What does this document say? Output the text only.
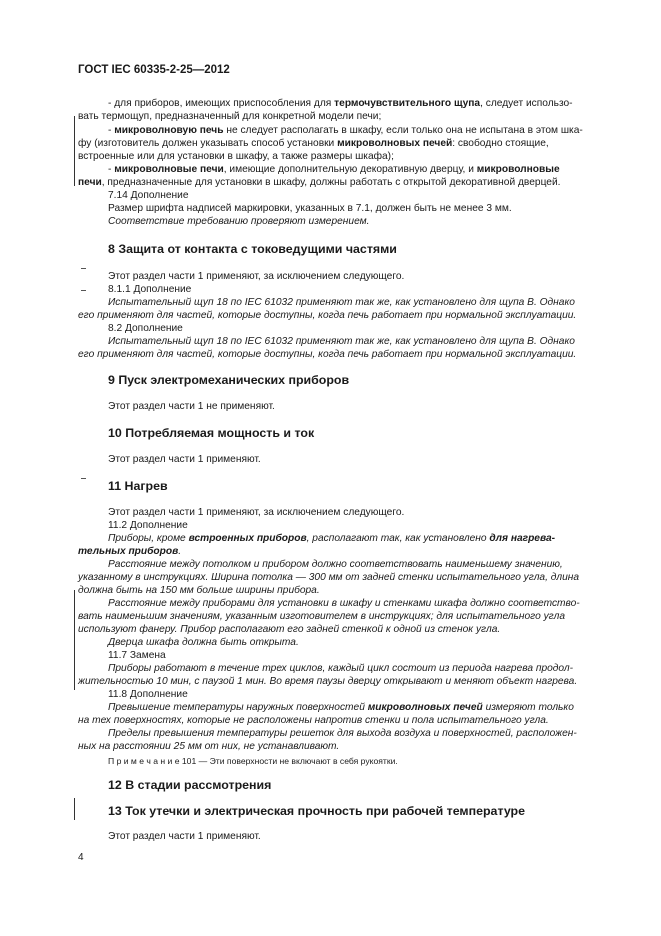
ГОСТ IEC 60335-2-25—2012
- для приборов, имеющих приспособления для термочувствительного щупа, следует использо-
вать термощуп, предназначенный для конкретной модели печи;
- микроволновую печь не следует располагать в шкафу, если только она не испытана в этом шка-
фу (изготовитель должен указывать способ установки микроволновых печей: свободно стоящие,
встроенные или для установки в шкафу, а также размеры шкафа);
- микроволновые печи, имеющие дополнительную декоративную дверцу, и микроволновые
печи, предназначенные для установки в шкафу, должны работать с открытой декоративной дверцей.
7.14 Дополнение
Размер шрифта надписей маркировки, указанных в 7.1, должен быть не менее 3 мм.
Соответствие требованию проверяют измерением.
8 Защита от контакта с токоведущими частями
Этот раздел части 1 применяют, за исключением следующего.
8.1.1 Дополнение
Испытательный щуп 18 по IEC 61032 применяют так же, как установлено для щупа В. Однако
его применяют для частей, которые доступны, когда печь работает при нормальной эксплуатации.
8.2 Дополнение
Испытательный щуп 18 по IEC 61032 применяют так же, как установлено для щупа В. Однако
его применяют для частей, которые доступны, когда печь работает при нормальной эксплуатации.
9 Пуск электромеханических приборов
Этот раздел части 1 не применяют.
10 Потребляемая мощность и ток
Этот раздел части 1 применяют.
11 Нагрев
Этот раздел части 1 применяют, за исключением следующего.
11.2 Дополнение
Приборы, кроме встроенных приборов, располагают так, как установлено для нагрева-
тельных приборов.
Расстояние между потолком и прибором должно соответствовать наименьшему значению,
указанному в инструкциях. Ширина потолка — 300 мм от задней стенки испытательного угла, длина
должна быть на 150 мм больше ширины прибора.
Расстояние между приборами для установки в шкафу и стенками шкафа должно соответство-
вать наименьшим значениям, указанным изготовителем в инструкциях; для испытательного угла
используют фанеру. Прибор располагают его задней стенкой к одной из стенок угла.
Дверца шкафа должна быть открыта.
11.7 Замена
Приборы работают в течение трех циклов, каждый цикл состоит из периода нагрева продол-
жительностью 10 мин, с паузой 1 мин. Во время паузы дверцу открывают и меняют объект нагрева.
11.8 Дополнение
Превышение температуры наружных поверхностей микроволновых печей измеряют только
на тех поверхностях, которые не расположены напротив стенки и пола испытательного угла.
Пределы превышения температуры решеток для выхода воздуха и поверхностей, расположен-
ных на расстоянии 25 мм от них, не устанавливают.
П р и м е ч а н и е 101 — Эти поверхности не включают в себя рукоятки.
12 В стадии рассмотрения
13 Ток утечки и электрическая прочность при рабочей температуре
Этот раздел части 1 применяют.
4
